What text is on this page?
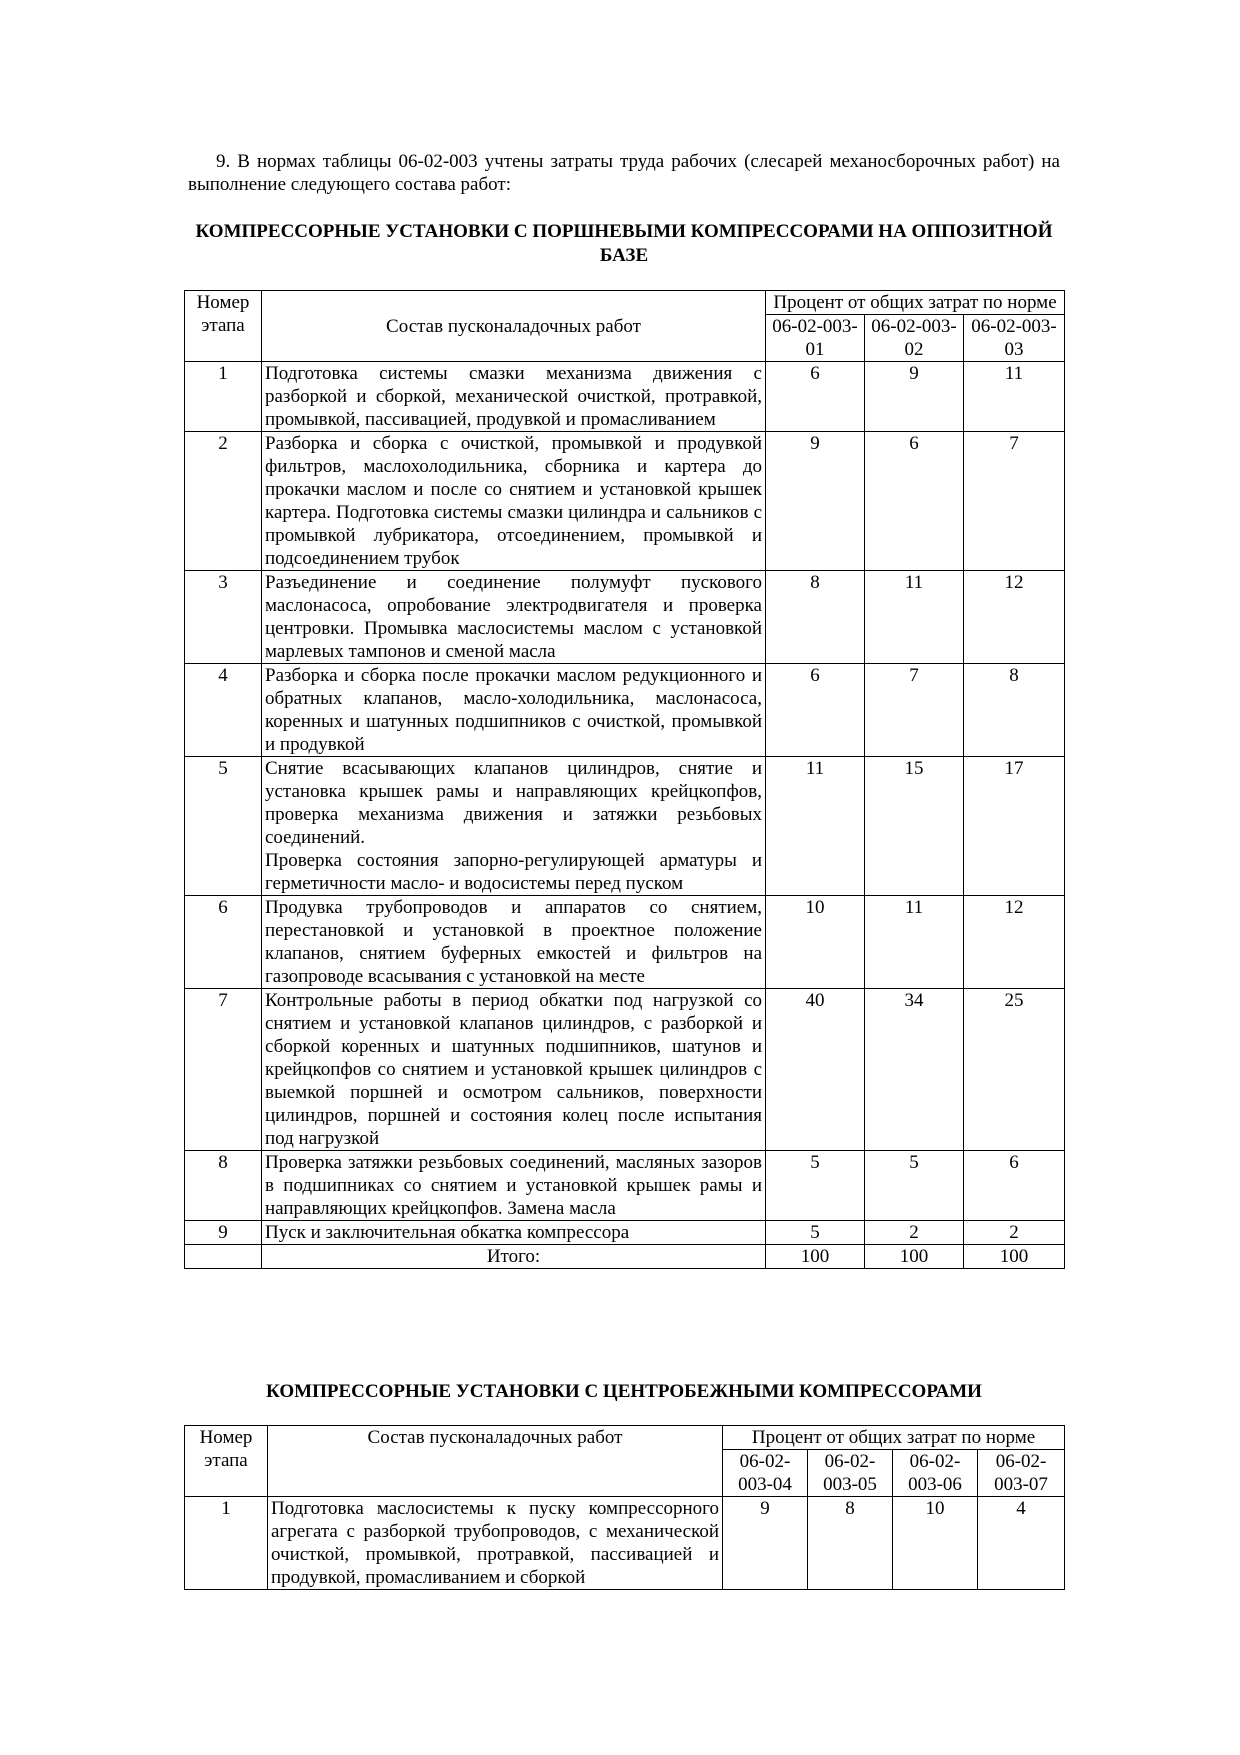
9. В нормах таблицы 06-02-003 учтены затраты труда рабочих (слесарей механосборочных работ) на выполнение следующего состава работ:

КОМПРЕССОРНЫЕ УСТАНОВКИ С ПОРШНЕВЫМИ КОМПРЕССОРАМИ НА ОППОЗИТНОЙ БАЗЕ
Номер этапа	Состав пусконаладочных работ	Процент от общих затрат по норме		
		06-02-003-01	06-02-003-02	06-02-003-03
1	Подготовка системы смазки механизма движения с разборкой и сборкой, механической очисткой, протравкой, промывкой, пассивацией, продувкой и промасливанием	6	9	11
2	Разборка и сборка с очисткой, промывкой и продувкой фильтров, маслохолодильника, сборника и картера до прокачки маслом и после со снятием и установкой крышек картера. Подготовка системы смазки цилиндра и сальников с промывкой лубрикатора, отсоединением, промывкой и подсоединением трубок	9	6	7
3	Разъединение и соединение полумуфт пускового маслонасоса, опробование электродвигателя и проверка центровки. Промывка маслосистемы маслом с установкой марлевых тампонов и сменой масла	8	11	12
4	Разборка и сборка после прокачки маслом редукционного и обратных клапанов, масло-холодильника, маслонасоса, коренных и шатунных подшипников с очисткой, промывкой и продувкой	6	7	8
5	Снятие всасывающих клапанов цилиндров, снятие и установка крышек рамы и направляющих крейцкопфов, проверка механизма движения и затяжки резьбовых соединений.
Проверка состояния запорно-регулирующей арматуры и герметичности масло- и водосистемы перед пуском	11	15	17
6	Продувка трубопроводов и аппаратов со снятием, перестановкой и установкой в проектное положение клапанов, снятием буферных емкостей и фильтров на газопроводе всасывания с установкой на месте	10	11	12
7	Контрольные работы в период обкатки под нагрузкой со снятием и установкой клапанов цилиндров, с разборкой и сборкой коренных и шатунных подшипников, шатунов и крейцкопфов со снятием и установкой крышек цилиндров с выемкой поршней и осмотром сальников, поверхности цилиндров, поршней и состояния колец после испытания под нагрузкой	40	34	25
8	Проверка затяжки резьбовых соединений, масляных зазоров в подшипниках со снятием и установкой крышек рамы и направляющих крейцкопфов. Замена масла	5	5	6
9	Пуск и заключительная обкатка компрессора	5	2	2
	Итого:	100	100	100
КОМПРЕССОРНЫЕ УСТАНОВКИ С ЦЕНТРОБЕЖНЫМИ КОМПРЕССОРАМИ
Номер этапа	Состав пусконаладочных работ	Процент от общих затрат по норме			
		06-02-003-04	06-02-003-05	06-02-003-06	06-02-003-07
1	Подготовка маслосистемы к пуску компрессорного агрегата с разборкой трубопроводов, с механической очисткой, промывкой, протравкой, пассивацией и продувкой, промасливанием и сборкой	9	8	10	4
